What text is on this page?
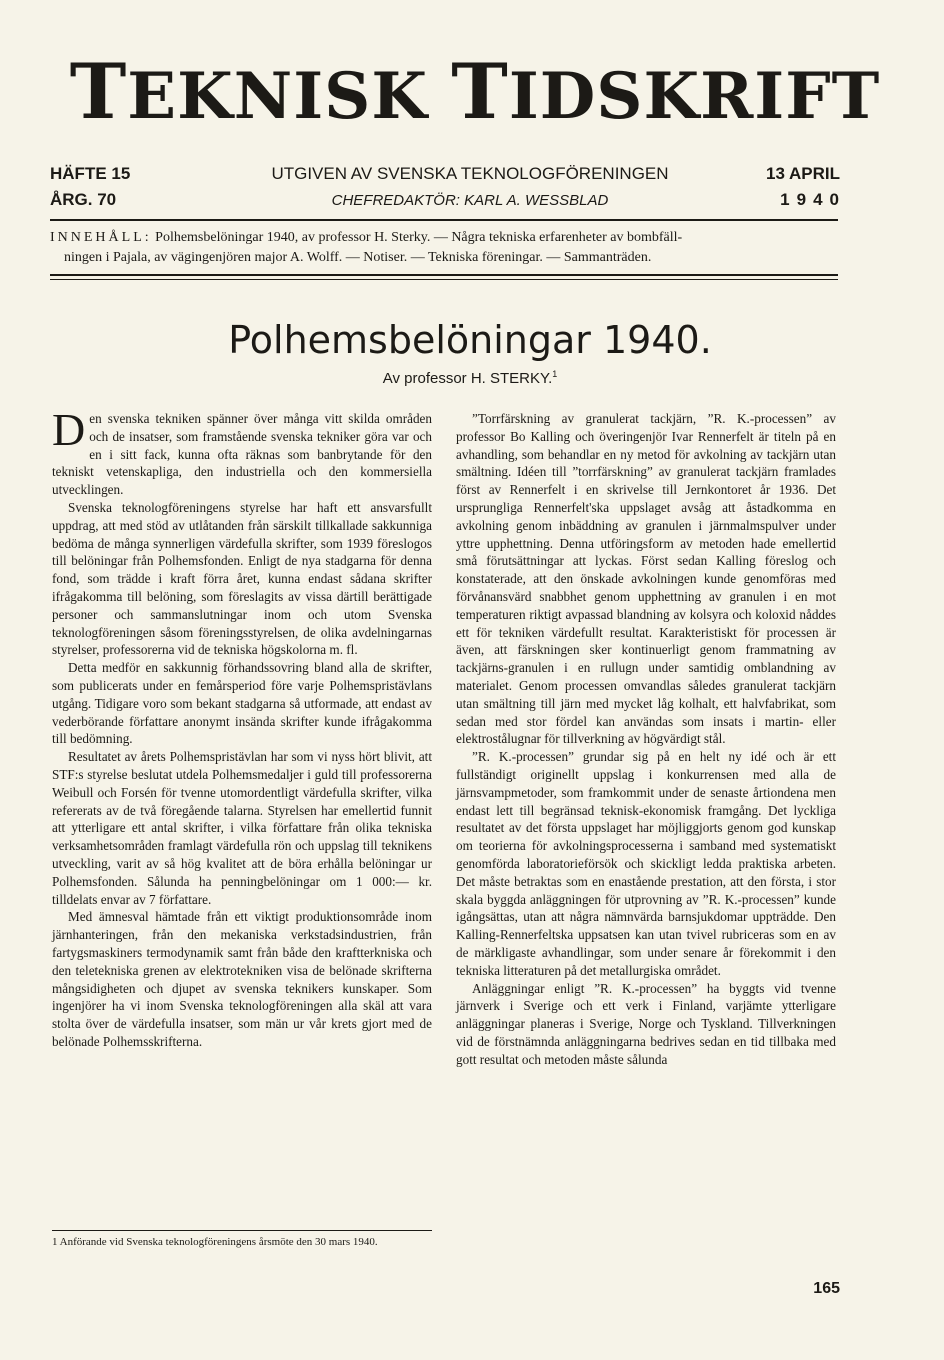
TEKNISK TIDSKRIFT
HÄFTE 15
ÅRG. 70
UTGIVEN AV SVENSKA TEKNOLOGFÖRENINGEN
CHEFREDAKTÖR: KARL A. WESSBLAD
13 APRIL
1940
INNEHÅLL: Polhemsbelöningar 1940, av professor H. Sterky. — Några tekniska erfarenheter av bombfäll-
ningen i Pajala, av vägingenjören major A. Wolff. — Notiser. — Tekniska föreningar. — Sammanträden.
Polhemsbelöningar 1940.
Av professor H. STERKY.$^1$

Den svenska tekniken spänner över många vitt skilda områden och de insatser, som framstående svenska tekniker göra var och en i sitt fack, kunna ofta räknas som banbrytande för den tekniskt vetenskapliga, den industriella och den kommersiella utvecklingen.

Svenska teknologföreningens styrelse har haft ett ansvarsfullt uppdrag, att med stöd av utlåtanden från särskilt tillkallade sakkunniga bedöma de många synnerligen värdefulla skrifter, som 1939 föreslogos till belöningar från Polhemsfonden. Enligt de nya stadgarna för denna fond, som trädde i kraft förra året, kunna endast sådana skrifter ifrågakomma till belöning, som föreslagits av vissa därtill berättigade personer och sammanslutningar inom och utom Svenska teknologföreningen såsom föreningsstyrelsen, de olika avdelningarnas styrelser, professorerna vid de tekniska högskolorna m. fl.

Detta medför en sakkunnig förhandssovring bland alla de skrifter, som publicerats under en femårsperiod före varje Polhemspristävlans utgång. Tidigare voro som bekant stadgarna så utformade, att endast av vederbörande författare anonymt insända skrifter kunde ifrågakomma till bedömning.

Resultatet av årets Polhemspristävlan har som vi nyss hört blivit, att STF:s styrelse beslutat utdela Polhemsmedaljer i guld till professorerna Weibull och Forsén för tvenne utomordentligt värdefulla skrifter, vilka refererats av de två föregående talarna. Styrelsen har emellertid funnit att ytterligare ett antal skrifter, i vilka författare från olika tekniska verksamhetsområden framlagt värdefulla rön och uppslag till teknikens utveckling, varit av så hög kvalitet att de böra erhålla belöningar ur Polhemsfonden. Sålunda ha penningbelöningar om 1 000:— kr. tilldelats envar av 7 författare.

Med ämnesval hämtade från ett viktigt produktionsområde inom järnhanteringen, från den mekaniska verkstadsindustrien, från fartygsmaskiners termodynamik samt från både den kraftterkniska och den teletekniska grenen av elektrotekniken visa de belönade skrifterna mångsidigheten och djupet av svenska teknikers kunskaper. Som ingenjörer ha vi inom Svenska teknologföreningen alla skäl att vara stolta över de värdefulla insatser, som män ur vår krets gjort med de belönade Polhemsskrifterna.

1 Anförande vid Svenska teknologföreningens årsmöte den 30 mars 1940.

”Torrfärskning av granulerat tackjärn, ”R. K.-processen” av professor Bo Kalling och överingenjör Ivar Rennerfelt är titeln på en avhandling, som behandlar en ny metod för avkolning av tackjärn utan smältning. Idéen till ”torrfärskning” av granulerat tackjärn framlades först av Rennerfelt i en skrivelse till Jernkontoret år 1936. Det ursprungliga Rennerfelt'ska uppslaget avsåg att åstadkomma en avkolning genom inbäddning av granulen i järnmalmspulver under yttre upphettning. Denna utföringsform av metoden hade emellertid små förutsättningar att lyckas. Först sedan Kalling föreslog och konstaterade, att den önskade avkolningen kunde genomföras med förvånansvärd snabbhet genom upphettning av granulen i en mot temperaturen riktigt avpassad blandning av kolsyra och koloxid nåddes ett för tekniken värdefullt resultat. Karakteristiskt för processen är även, att färskningen sker kontinuerligt genom frammatning av tackjärns-granulen i en rullugn under samtidig omblandning av materialet. Genom processen omvandlas således granulerat tackjärn utan smältning till järn med mycket låg kolhalt, ett halvfabrikat, som sedan med stor fördel kan användas som insats i martin- eller elektrostålugnar för tillverkning av högvärdigt stål.

”R. K.-processen” grundar sig på en helt ny idé och är ett fullständigt originellt uppslag i konkurrensen med alla de järnsvampmetoder, som framkommit under de senaste årtiondena men endast lett till begränsad teknisk-ekonomisk framgång. Det lyckliga resultatet av det första uppslaget har möjliggjorts genom god kunskap om teorierna för avkolningsprocesserna i samband med systematiskt genomförda laboratorieförsök och skickligt ledda praktiska arbeten. Det måste betraktas som en enastående prestation, att den första, i stor skala byggda anläggningen för utprovning av ”R. K.-processen” kunde igångsättas, utan att några nämnvärda barnsjukdomar uppträdde. Den Kalling-Rennerfeltska uppsatsen kan utan tvivel rubriceras som en av de märkligaste avhandlingar, som under senare år förekommit i den tekniska litteraturen på det metallurgiska området.

Anläggningar enligt ”R. K.-processen” ha byggts vid tvenne järnverk i Sverige och ett verk i Finland, varjämte ytterligare anläggningar planeras i Sverige, Norge och Tyskland. Tillverkningen vid de förstnämnda anläggningarna bedrives sedan en tid tillbaka med gott resultat och metoden måste sålunda

165
